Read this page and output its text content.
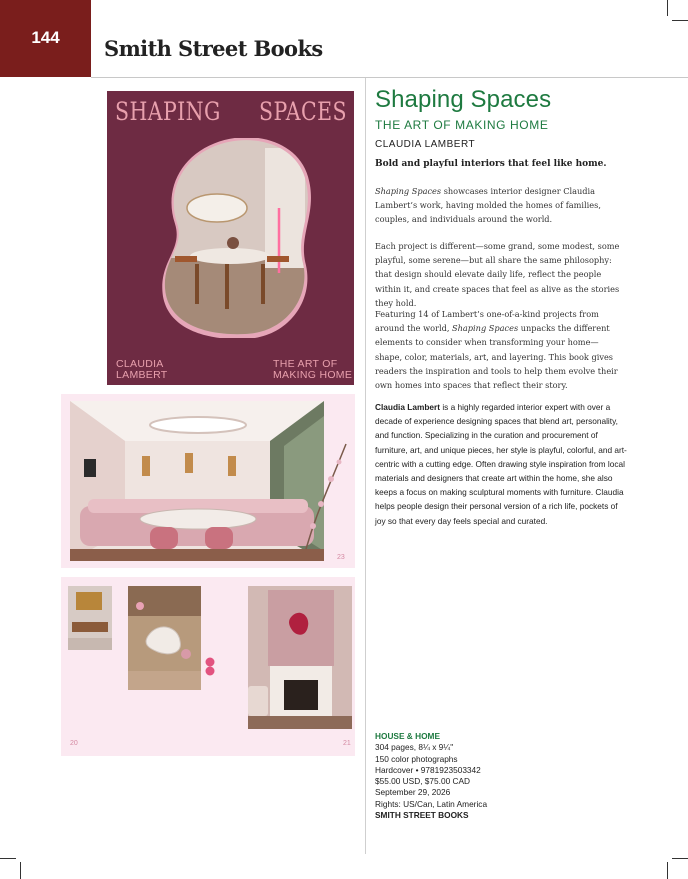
144 Smith Street Books
SHAPING SPACES
CLAUDIA
LAMBERT
THE ART OF
MAKING HOME
23
20	21
Shaping Spaces
THE ART OF MAKING HOME
CLAUDIA LAMBERT
Bold and playful interiors that feel like home.
Shaping Spaces showcases interior designer Claudia Lambert’s work, having molded the homes of families, couples, and individuals around the world.
Each project is different—some grand, some modest, some playful, some serene—but all share the same philosophy: that design should elevate daily life, reflect the people within it, and create spaces that feel as alive as the stories they hold.
Featuring 14 of Lambert’s one-of-a-kind projects from around the world, Shaping Spaces unpacks the different elements to consider when transforming your home—shape, color, materials, art, and layering. This book gives readers the inspiration and tools to help them evolve their own homes into spaces that reflect their story.
Claudia Lambert is a highly regarded interior expert with over a decade of experience designing spaces that blend art, personality, and function. Specializing in the curation and procurement of furniture, art, and unique pieces, her style is playful, colorful, and art-centric with a cutting edge. Often drawing style inspiration from local materials and designers that create art within the home, she also keeps a focus on making sculptural moments with furniture. Claudia helps people design their personal version of a rich life, pockets of joy so that every day feels special and curated.
HOUSE & HOME
304 pages, 8¼ x 9¼"
150 color photographs
Hardcover • 9781923503342
$55.00 USD, $75.00 CAD
September 29, 2026
Rights: US/Can, Latin America
SMITH STREET BOOKS
